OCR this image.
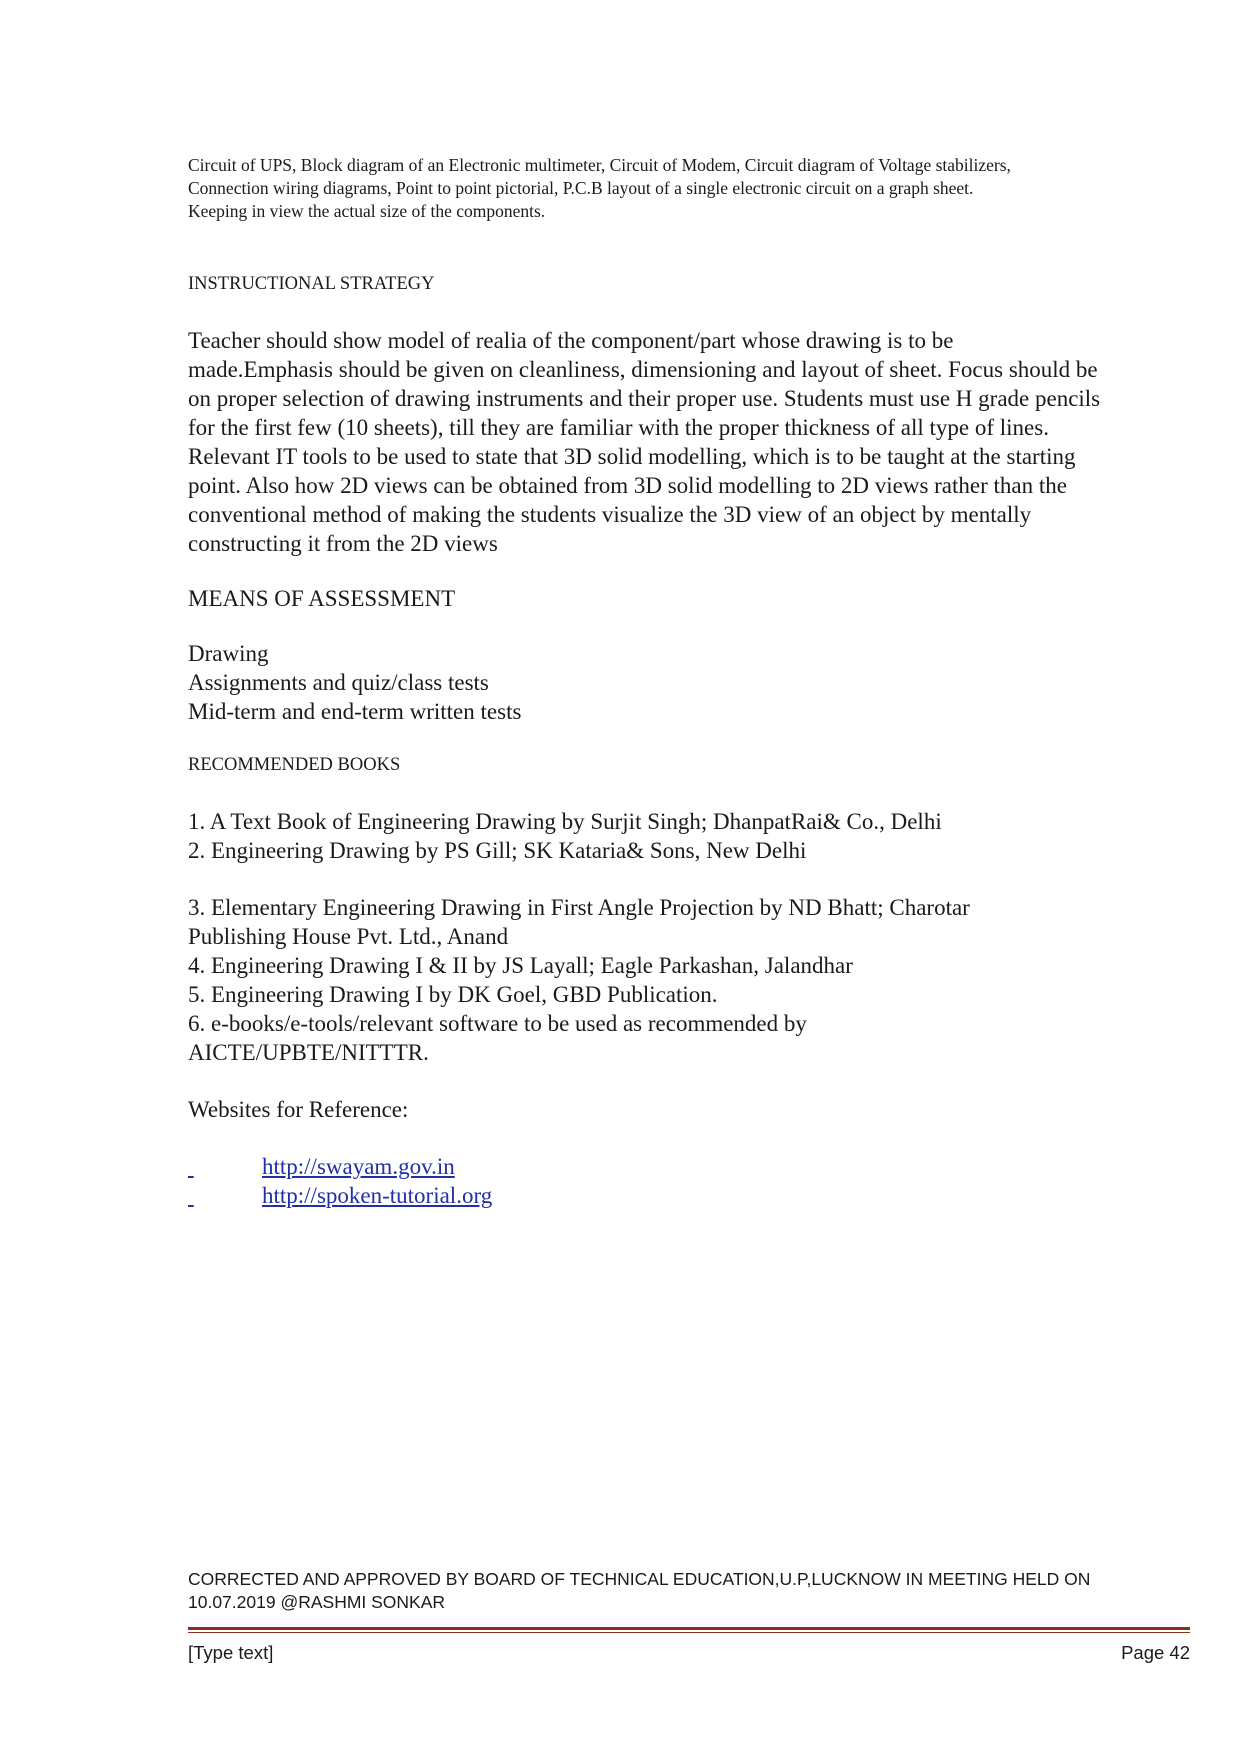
Circuit of UPS, Block diagram of an Electronic multimeter, Circuit of Modem, Circuit diagram of Voltage stabilizers,
Connection wiring diagrams, Point to point pictorial, P.C.B layout of a single electronic circuit on a graph sheet.
Keeping in view the actual size of the components.
INSTRUCTIONAL STRATEGY
Teacher should show model of realia of the component/part whose drawing is to be
made.Emphasis should be given on cleanliness, dimensioning and layout of sheet. Focus should be
on proper selection of drawing instruments and their proper use. Students must use H grade pencils
for the first few (10 sheets), till they are familiar with the proper thickness of all type of lines.
Relevant IT tools to be used to state that 3D solid modelling, which is to be taught at the starting
point. Also how 2D views can be obtained from 3D solid modelling to 2D views rather than the
conventional method of making the students visualize the 3D view of an object by mentally
constructing it from the 2D views
MEANS OF ASSESSMENT
Drawing
Assignments and quiz/class tests
Mid-term and end-term written tests
RECOMMENDED BOOKS
1. A Text Book of Engineering Drawing by Surjit Singh; DhanpatRai& Co., Delhi
2. Engineering Drawing by PS Gill; SK Kataria& Sons, New Delhi
3. Elementary Engineering Drawing in First Angle Projection by ND Bhatt; Charotar
Publishing House Pvt. Ltd., Anand
4. Engineering Drawing I & II by JS Layall; Eagle Parkashan, Jalandhar
5. Engineering Drawing I by DK Goel, GBD Publication.
6. e-books/e-tools/relevant software to be used as recommended by
AICTE/UPBTE/NITTTR.
Websites for Reference:
http://swayam.gov.in
http://spoken-tutorial.org
CORRECTED AND APPROVED BY BOARD OF TECHNICAL EDUCATION,U.P,LUCKNOW IN MEETING HELD ON
10.07.2019 @RASHMI SONKAR
[Type text]	Page 42
